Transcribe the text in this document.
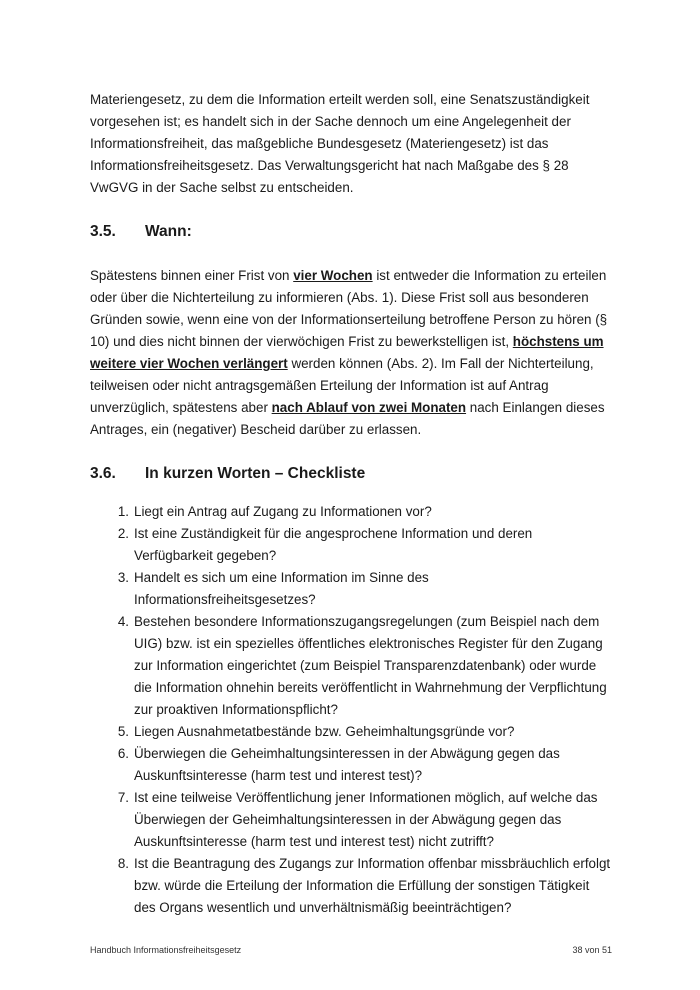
Materiengesetz, zu dem die Information erteilt werden soll, eine Senatszuständigkeit vorgesehen ist; es handelt sich in der Sache dennoch um eine Angelegenheit der Informationsfreiheit, das maßgebliche Bundesgesetz (Materiengesetz) ist das Informationsfreiheitsgesetz. Das Verwaltungsgericht hat nach Maßgabe des § 28 VwGVG in der Sache selbst zu entscheiden.

3.5.	Wann:

Spätestens binnen einer Frist von vier Wochen ist entweder die Information zu erteilen oder über die Nichterteilung zu informieren (Abs. 1). Diese Frist soll aus besonderen Gründen sowie, wenn eine von der Informationserteilung betroffene Person zu hören (§ 10) und dies nicht binnen der vierwöchigen Frist zu bewerkstelligen ist, höchstens um weitere vier Wochen verlängert werden können (Abs. 2). Im Fall der Nichterteilung, teilweisen oder nicht antragsgemäßen Erteilung der Information ist auf Antrag unverzüglich, spätestens aber nach Ablauf von zwei Monaten nach Einlangen dieses Antrages, ein (negativer) Bescheid darüber zu erlassen.

3.6.	In kurzen Worten – Checkliste
1. Liegt ein Antrag auf Zugang zu Informationen vor?
2. Ist eine Zuständigkeit für die angesprochene Information und deren Verfügbarkeit gegeben?
3. Handelt es sich um eine Information im Sinne des Informationsfreiheitsgesetzes?
4. Bestehen besondere Informationszugangsregelungen (zum Beispiel nach dem UIG) bzw. ist ein spezielles öffentliches elektronisches Register für den Zugang zur Information eingerichtet (zum Beispiel Transparenzdatenbank) oder wurde die Information ohnehin bereits veröffentlicht in Wahrnehmung der Verpflichtung zur proaktiven Informationspflicht?
5. Liegen Ausnahmetatbestände bzw. Geheimhaltungsgründe vor?
6. Überwiegen die Geheimhaltungsinteressen in der Abwägung gegen das Auskunftsinteresse (harm test und interest test)?
7. Ist eine teilweise Veröffentlichung jener Informationen möglich, auf welche das Überwiegen der Geheimhaltungsinteressen in der Abwägung gegen das Auskunftsinteresse (harm test und interest test) nicht zutrifft?
8. Ist die Beantragung des Zugangs zur Information offenbar missbräuchlich erfolgt bzw. würde die Erteilung der Information die Erfüllung der sonstigen Tätigkeit des Organs wesentlich und unverhältnismäßig beeinträchtigen?
Handbuch Informationsfreiheitsgesetz	38 von 51
